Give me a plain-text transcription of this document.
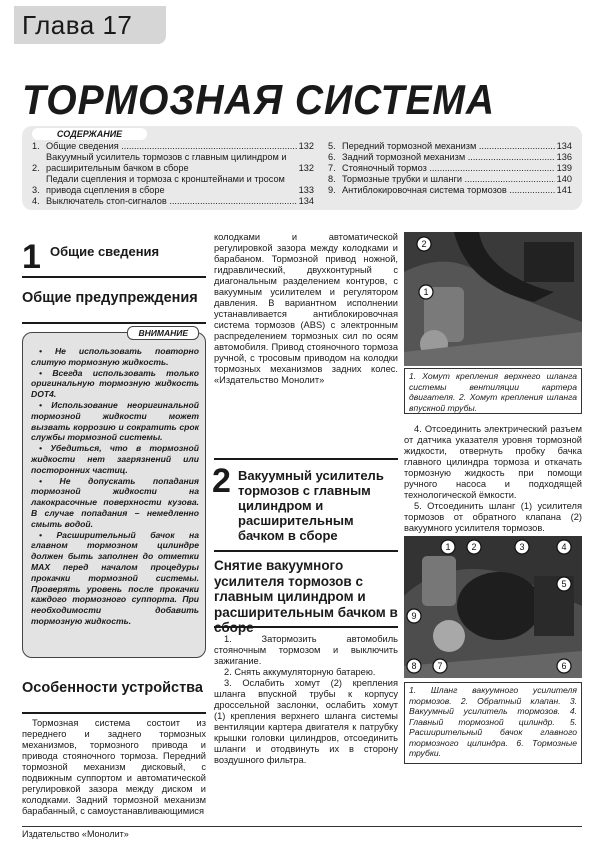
Глава 17
ТОРМОЗНАЯ СИСТЕМА
СОДЕРЖАНИЕ
1. Общие сведения .....	132
2.
Вакуумный усилитель тормозов с главным цилиндром и расширительным бачком в сборе	132
3.
Педали сцепления и тормоза с кронштейнами и тросом привода сцепления в сборе	133
4. Выключатель стоп-сигналов .....	134
5. Передний тормозной механизм .....	134
6. Задний тормозной механизм .....	136
7. Стояночный тормоз .....	139
8. Тормозные трубки и шланги .....	140
9. Антиблокировочная система тормозов .....	141
1 Общие сведения
Общие предупреждения
ВНИМАНИЕ

• Не использовать повторно слитую тормозную жидкость.

• Всегда использовать только оригинальную тормозную жидкость DOT4.

• Использование неоригинальной тормозной жидкости может вызвать коррозию и сократить срок службы тормозной системы.

• Убедиться, что в тормозной жидкости нет загрязнений или посторонних частиц.

• Не допускать попадания тормозной жидкости на лакокрасочные поверхности кузова. В случае попадания – немедленно смыть водой.

• Расширительный бачок на главном тормозном цилиндре должен быть заполнен до отметки MAX перед началом процедуры прокачки тормозной системы. Проверять уровень после прокачки каждого тормозного суппорта. При необходимости добавить тормозную жидкость.

Особенности устройства

Тормозная система состоит из переднего и заднего тормозных механизмов, тормозного привода и привода стояночного тормоза. Передний тормозной механизм дисковый, с подвижным суппортом и автоматической регулировкой зазора между диском и колодками. Задний тормозной механизм барабанный, с самоустанавливающимися

колодками и автоматической регулировкой зазора между колодками и барабаном. Тормозной привод ножной, гидравлический, двухконтурный с диагональным разделением контуров, с вакуумным усилителем и регулятором давления. В вариантном исполнении устанавливается антиблокировочная система тормозов (ABS) с электронным распределением тормозных сил по осям автомобиля. Привод стояночного тормоза ручной, с тросовым приводом на колодки тормозных механизмов задних колес. «Издательство Монолит»
2 Вакуумный усилитель тормозов с главным цилиндром и расширительным бачком в сборе
Снятие вакуумного усилителя тормозов с главным цилиндром и расширительным бачком в

1. Затормозить автомобиль стояночным тормозом и выключить зажигание.

2. Снять аккумуляторную батарею.

3. Ослабить хомут (2) крепления шланга впускной трубы к корпусу дроссельной заслонки, ослабить хомут (1) крепления верхнего шланга системы вентиляции картера двигателя к патрубку крышки головки цилиндров, отсоединить шланги и отодвинуть их в сторону воздушного фильтра.

2
1
1. Хомут крепления верхнего шланга системы вентиляции картера двигателя. 2. Хомут крепления шланга впускной трубы.

4. Отсоединить электрический разъем от датчика указателя уровня тормозной жидкости, отвернуть пробку бачка главного цилиндра тормоза и откачать тормозную жидкость при помощи ручного насоса и подходящей технологической ёмкости.

5. Отсоединить шланг (1) усилителя тормозов от обратного клапана (2) вакуумного усилителя тормозов.

1 2	3	4
5
6
7
8
9
1. Шланг вакуумного усилителя тормозов. 2. Обратный клапан. 3. Вакуумный усилитель тормозов. 4. Главный тормозной цилиндр. 5. Расширительный бачок главного тормозного цилиндра. 6. Тормозные трубки.
Издательство «Монолит»
